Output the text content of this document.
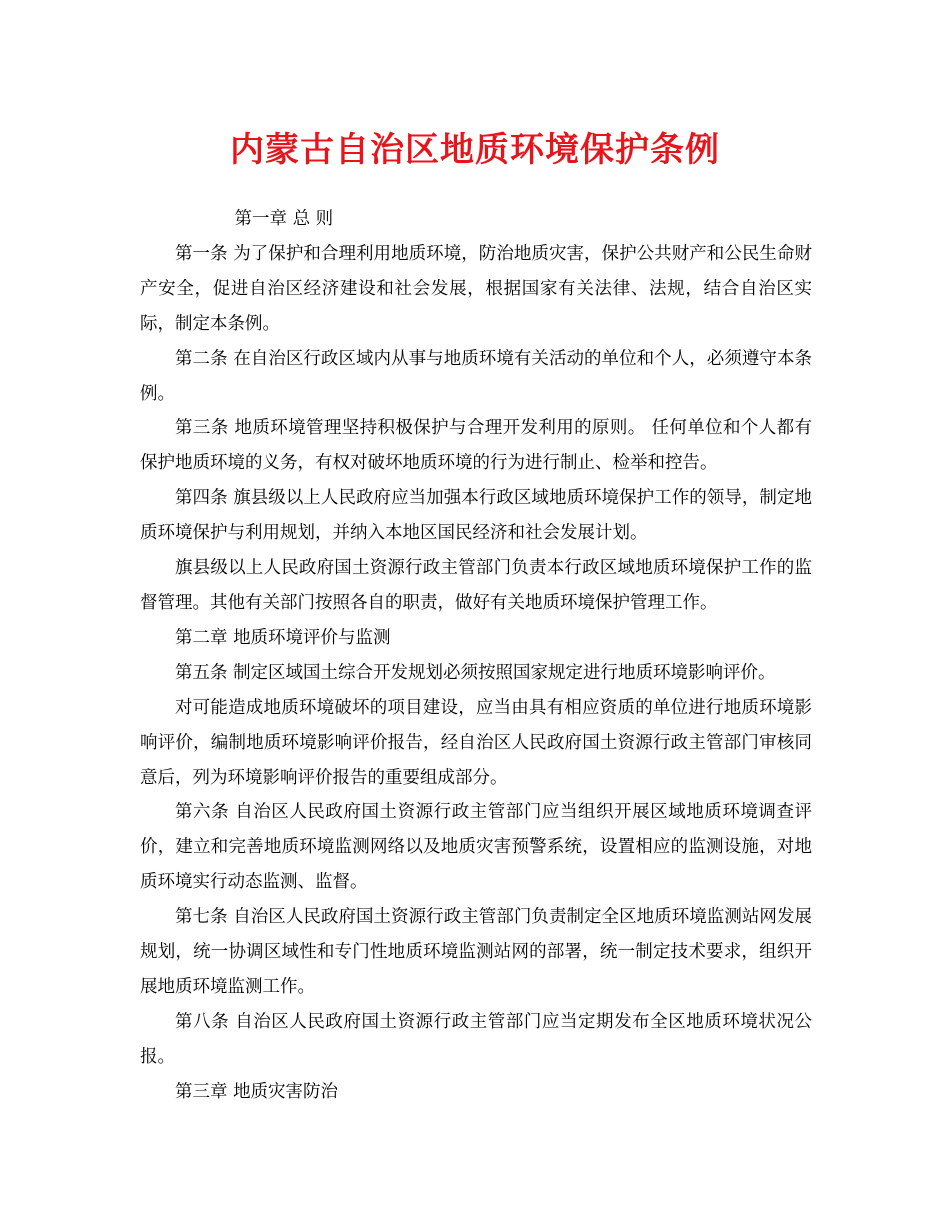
内蒙古自治区地质环境保护条例

第一章 总 则

第一条 为了保护和合理利用地质环境，防治地质灾害，保护公共财产和公民生命财产安全，促进自治区经济建设和社会发展，根据国家有关法律、法规，结合自治区实际，制定本条例。

第二条 在自治区行政区域内从事与地质环境有关活动的单位和个人，必须遵守本条例。

第三条 地质环境管理坚持积极保护与合理开发利用的原则。 任何单位和个人都有保护地质环境的义务，有权对破坏地质环境的行为进行制止、检举和控告。

第四条 旗县级以上人民政府应当加强本行政区域地质环境保护工作的领导，制定地质环境保护与利用规划，并纳入本地区国民经济和社会发展计划。

旗县级以上人民政府国土资源行政主管部门负责本行政区域地质环境保护工作的监督管理。其他有关部门按照各自的职责，做好有关地质环境保护管理工作。

第二章 地质环境评价与监测

第五条 制定区域国土综合开发规划必须按照国家规定进行地质环境影响评价。

对可能造成地质环境破坏的项目建设，应当由具有相应资质的单位进行地质环境影响评价，编制地质环境影响评价报告，经自治区人民政府国土资源行政主管部门审核同意后，列为环境影响评价报告的重要组成部分。

第六条 自治区人民政府国土资源行政主管部门应当组织开展区域地质环境调查评价，建立和完善地质环境监测网络以及地质灾害预警系统，设置相应的监测设施，对地质环境实行动态监测、监督。

第七条 自治区人民政府国土资源行政主管部门负责制定全区地质环境监测站网发展规划，统一协调区域性和专门性地质环境监测站网的部署，统一制定技术要求，组织开展地质环境监测工作。

第八条 自治区人民政府国土资源行政主管部门应当定期发布全区地质环境状况公报。

第三章 地质灾害防治
